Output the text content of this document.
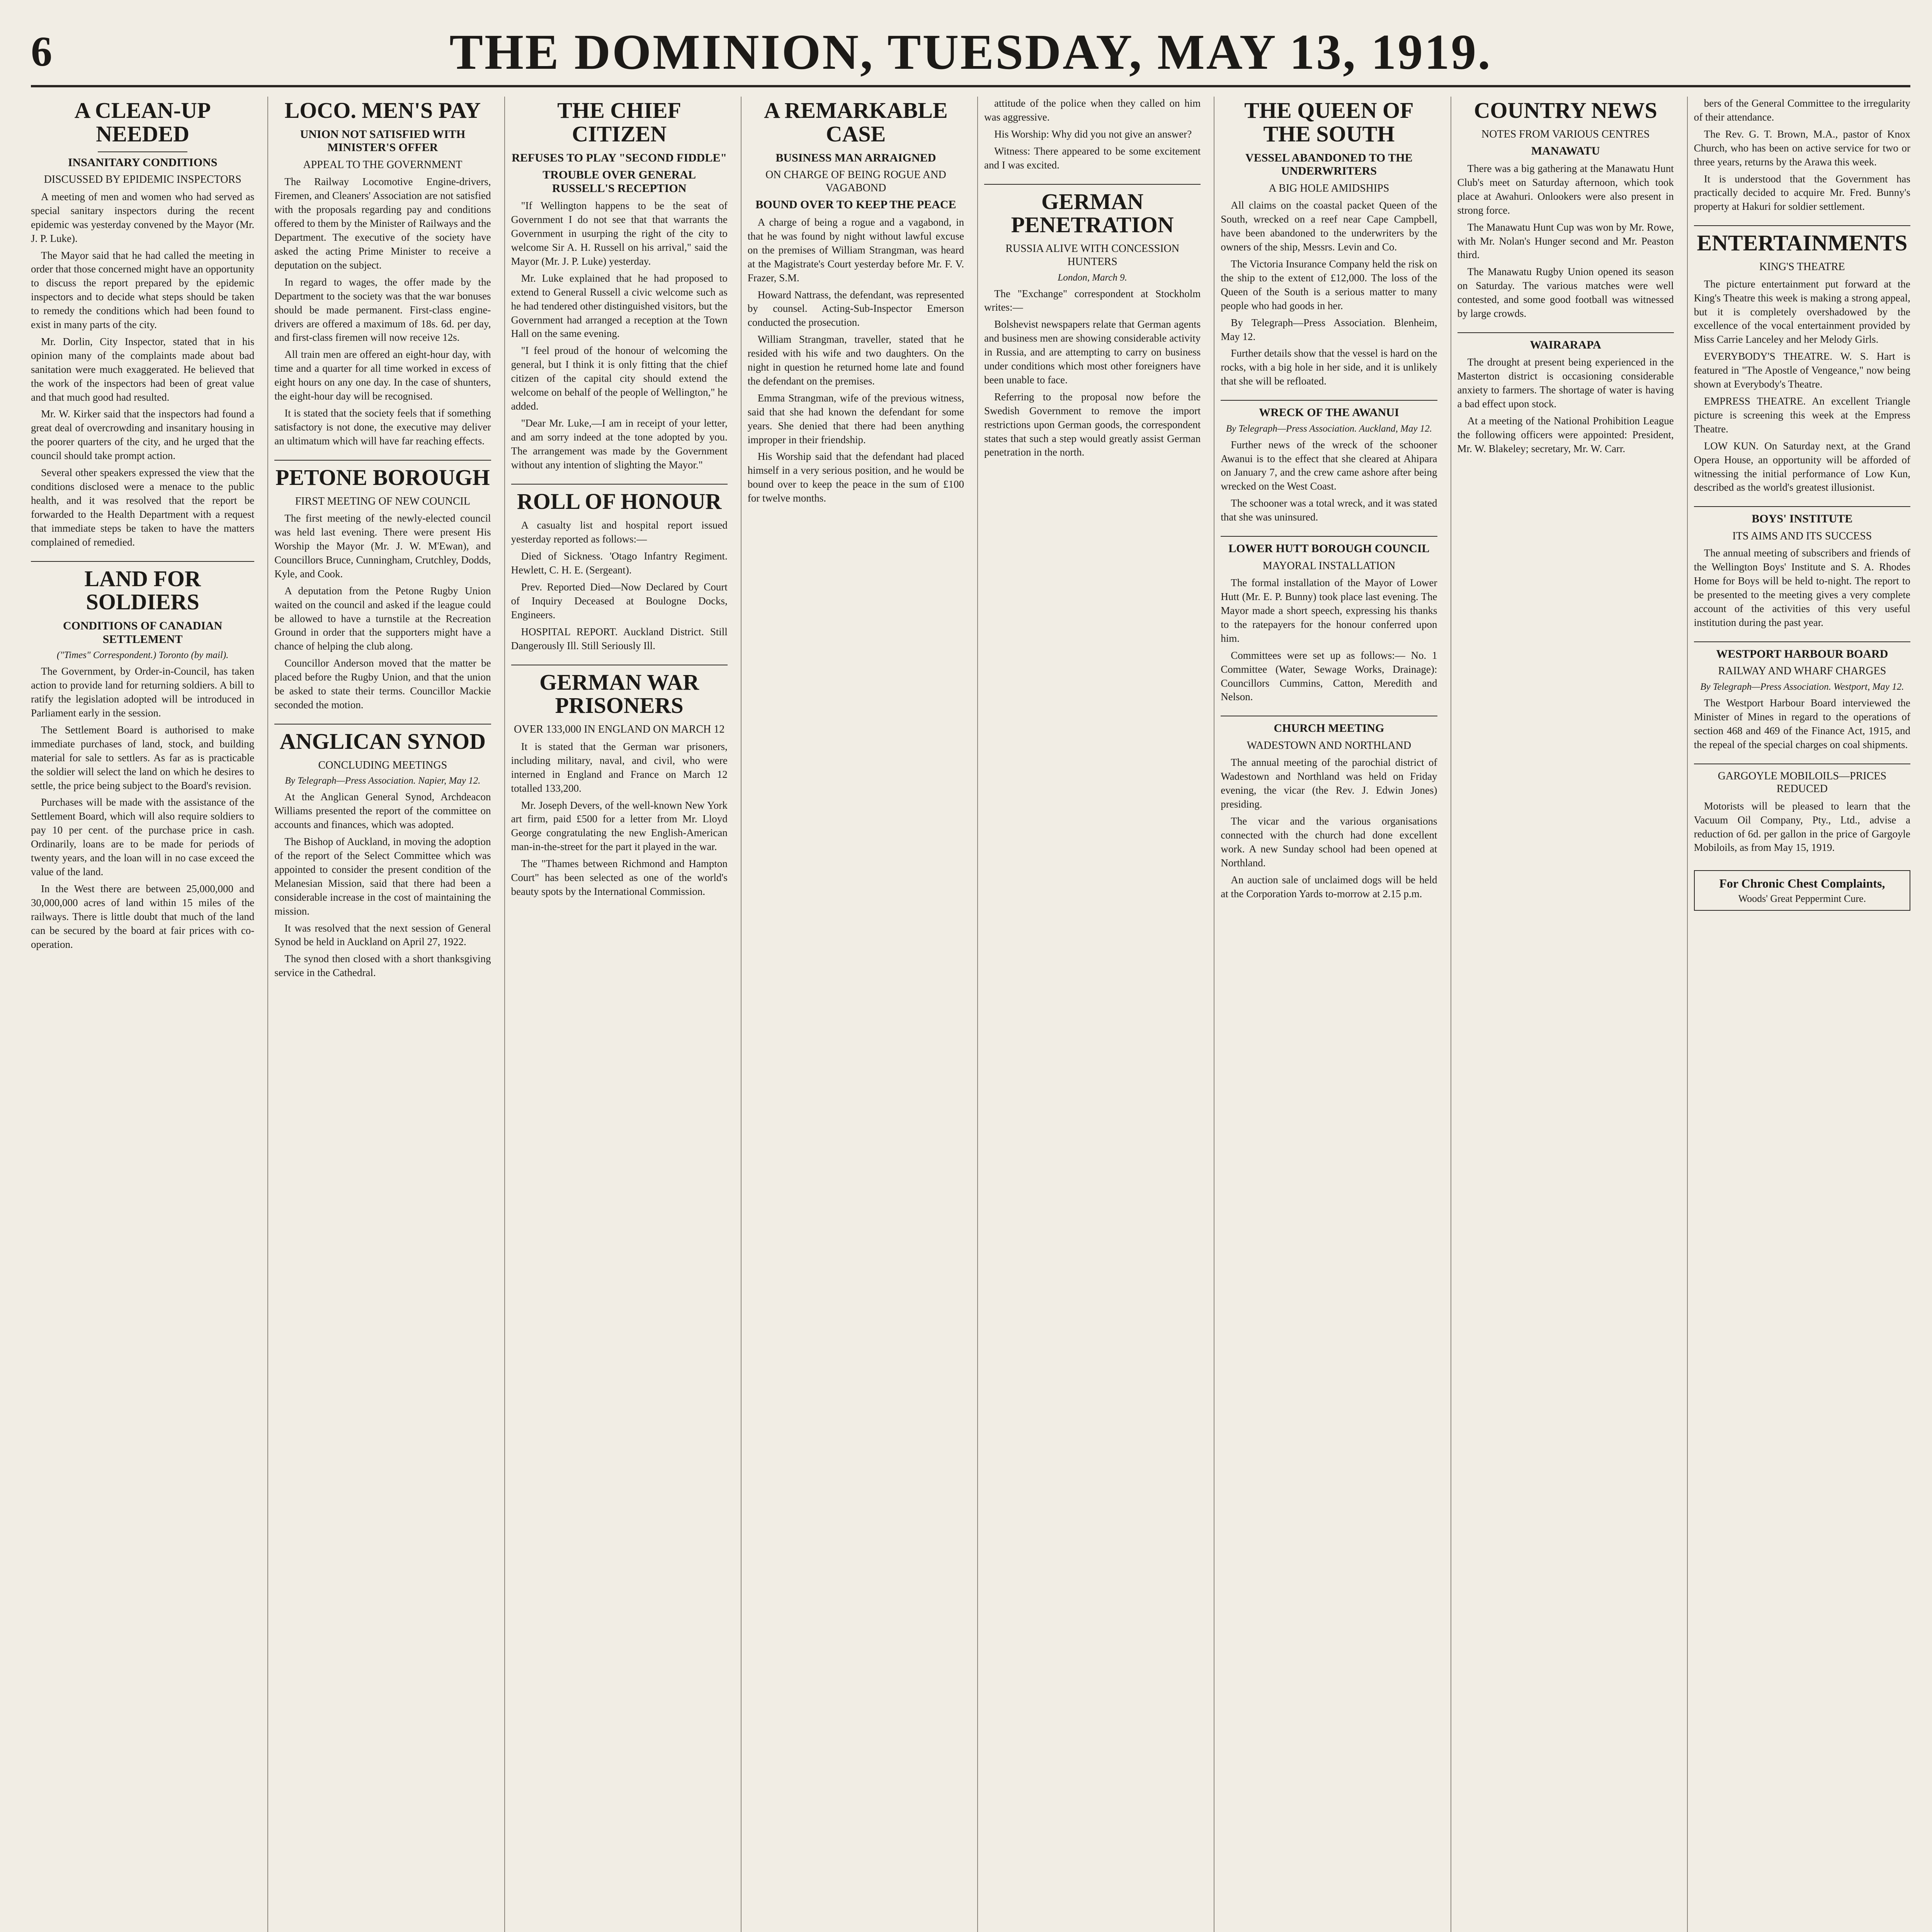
6	THE DOMINION, TUESDAY, MAY 13, 1919.
A CLEAN-UP NEEDED
INSANITARY CONDITIONS
DISCUSSED BY EPIDEMIC INSPECTORS

A meeting of men and women who had served as special sanitary inspectors during the recent epidemic was yesterday convened by the Mayor (Mr. J. P. Luke).

The Mayor said that he had called the meeting in order that those concerned might have an opportunity to discuss the report prepared by the epidemic inspectors and to decide what steps should be taken to remedy the conditions which had been found to exist in many parts of the city.

Mr. Dorlin, City Inspector, stated that in his opinion many of the complaints made about bad sanitation were much exaggerated. He believed that the work of the inspectors had been of great value and that much good had resulted.

Mr. W. Kirker said that the inspectors had found a great deal of overcrowding and insanitary housing in the poorer quarters of the city, and he urged that the council should take prompt action.

Several other speakers expressed the view that the conditions disclosed were a menace to the public health, and it was resolved that the report be forwarded to the Health Department with a request that immediate steps be taken to have the matters complained of remedied.

LAND FOR SOLDIERS
CONDITIONS OF CANADIAN SETTLEMENT
("Times" Correspondent.) Toronto (by mail).

The Government, by Order-in-Council, has taken action to provide land for returning soldiers. A bill to ratify the legislation adopted will be introduced in Parliament early in the session.

The Settlement Board is authorised to make immediate purchases of land, stock, and building material for sale to settlers. As far as is practicable the soldier will select the land on which he desires to settle, the price being subject to the Board's revision.

Purchases will be made with the assistance of the Settlement Board, which will also require soldiers to pay 10 per cent. of the purchase price in cash. Ordinarily, loans are to be made for periods of twenty years, and the loan will in no case exceed the value of the land.

In the West there are between 25,000,000 and 30,000,000 acres of land within 15 miles of the railways. There is little doubt that much of the land can be secured by the board at fair prices with co-operation.

LOCO. MEN'S PAY
UNION NOT SATISFIED WITH MINISTER'S OFFER
APPEAL TO THE GOVERNMENT

The Railway Locomotive Engine-drivers, Firemen, and Cleaners' Association are not satisfied with the proposals regarding pay and conditions offered to them by the Minister of Railways and the Department. The executive of the society have asked the acting Prime Minister to receive a deputation on the subject.

In regard to wages, the offer made by the Department to the society was that the war bonuses should be made permanent. First-class engine-drivers are offered a maximum of 18s. 6d. per day, and first-class firemen will now receive 12s.

All train men are offered an eight-hour day, with time and a quarter for all time worked in excess of eight hours on any one day. In the case of shunters, the eight-hour day will be recognised.

It is stated that the society feels that if something satisfactory is not done, the executive may deliver an ultimatum which will have far reaching effects.

PETONE BOROUGH
FIRST MEETING OF NEW COUNCIL

The first meeting of the newly-elected council was held last evening. There were present His Worship the Mayor (Mr. J. W. M'Ewan), and Councillors Bruce, Cunningham, Crutchley, Dodds, Kyle, and Cook.

A deputation from the Petone Rugby Union waited on the council and asked if the league could be allowed to have a turnstile at the Recreation Ground in order that the supporters might have a chance of helping the club along.

Councillor Anderson moved that the matter be placed before the Rugby Union, and that the union be asked to state their terms. Councillor Mackie seconded the motion.

ANGLICAN SYNOD
CONCLUDING MEETINGS
By Telegraph—Press Association. Napier, May 12.

At the Anglican General Synod, Archdeacon Williams presented the report of the committee on accounts and finances, which was adopted.

The Bishop of Auckland, in moving the adoption of the report of the Select Committee which was appointed to consider the present condition of the Melanesian Mission, said that there had been a considerable increase in the cost of maintaining the mission.

It was resolved that the next session of General Synod be held in Auckland on April 27, 1922.

The synod then closed with a short thanksgiving service in the Cathedral.

THE CHIEF CITIZEN
REFUSES TO PLAY "SECOND FIDDLE"
TROUBLE OVER GENERAL RUSSELL'S RECEPTION

"If Wellington happens to be the seat of Government I do not see that that warrants the Government in usurping the right of the city to welcome Sir A. H. Russell on his arrival," said the Mayor (Mr. J. P. Luke) yesterday.

Mr. Luke explained that he had proposed to extend to General Russell a civic welcome such as he had tendered other distinguished visitors, but the Government had arranged a reception at the Town Hall on the same evening.

"I feel proud of the honour of welcoming the general, but I think it is only fitting that the chief citizen of the capital city should extend the welcome on behalf of the people of Wellington," he added.

"Dear Mr. Luke,—I am in receipt of your letter, and am sorry indeed at the tone adopted by you. The arrangement was made by the Government without any intention of slighting the Mayor."

ROLL OF HONOUR

A casualty list and hospital report issued yesterday reported as follows:—

Died of Sickness. 'Otago Infantry Regiment. Hewlett, C. H. E. (Sergeant).

Prev. Reported Died—Now Declared by Court of Inquiry Deceased at Boulogne Docks, Engineers.

HOSPITAL REPORT. Auckland District. Still Dangerously Ill. Still Seriously Ill.

GERMAN WAR PRISONERS
OVER 133,000 IN ENGLAND ON MARCH 12

It is stated that the German war prisoners, including military, naval, and civil, who were interned in England and France on March 12 totalled 133,200.

Mr. Joseph Devers, of the well-known New York art firm, paid £500 for a letter from Mr. Lloyd George congratulating the new English-American man-in-the-street for the part it played in the war.

The "Thames between Richmond and Hampton Court" has been selected as one of the world's beauty spots by the International Commission.

A REMARKABLE CASE
BUSINESS MAN ARRAIGNED
ON CHARGE OF BEING ROGUE AND VAGABOND
BOUND OVER TO KEEP THE PEACE

A charge of being a rogue and a vagabond, in that he was found by night without lawful excuse on the premises of William Strangman, was heard at the Magistrate's Court yesterday before Mr. F. V. Frazer, S.M.

Howard Nattrass, the defendant, was represented by counsel. Acting-Sub-Inspector Emerson conducted the prosecution.

William Strangman, traveller, stated that he resided with his wife and two daughters. On the night in question he returned home late and found the defendant on the premises.

Emma Strangman, wife of the previous witness, said that she had known the defendant for some years. She denied that there had been anything improper in their friendship.

His Worship said that the defendant had placed himself in a very serious position, and he would be bound over to keep the peace in the sum of £100 for twelve months.

attitude of the police when they called on him was aggressive.

His Worship: Why did you not give an answer?

Witness: There appeared to be some excitement and I was excited.

GERMAN PENETRATION
RUSSIA ALIVE WITH CONCESSION HUNTERS
London, March 9.

The "Exchange" correspondent at Stockholm writes:—

Bolshevist newspapers relate that German agents and business men are showing considerable activity in Russia, and are attempting to carry on business under conditions which most other foreigners have been unable to face.

Referring to the proposal now before the Swedish Government to remove the import restrictions upon German goods, the correspondent states that such a step would greatly assist German penetration in the north.

THE QUEEN OF THE SOUTH
VESSEL ABANDONED TO THE UNDERWRITERS
A BIG HOLE AMIDSHIPS

All claims on the coastal packet Queen of the South, wrecked on a reef near Cape Campbell, have been abandoned to the underwriters by the owners of the ship, Messrs. Levin and Co.

The Victoria Insurance Company held the risk on the ship to the extent of £12,000. The loss of the Queen of the South is a serious matter to many people who had goods in her.

By Telegraph—Press Association. Blenheim, May 12.

Further details show that the vessel is hard on the rocks, with a big hole in her side, and it is unlikely that she will be refloated.

WRECK OF THE AWANUI
By Telegraph—Press Association. Auckland, May 12.

Further news of the wreck of the schooner Awanui is to the effect that she cleared at Ahipara on January 7, and the crew came ashore after being wrecked on the West Coast.

The schooner was a total wreck, and it was stated that she was uninsured.

LOWER HUTT BOROUGH COUNCIL
MAYORAL INSTALLATION

The formal installation of the Mayor of Lower Hutt (Mr. E. P. Bunny) took place last evening. The Mayor made a short speech, expressing his thanks to the ratepayers for the honour conferred upon him.

Committees were set up as follows:— No. 1 Committee (Water, Sewage Works, Drainage): Councillors Cummins, Catton, Meredith and Nelson.

CHURCH MEETING
WADESTOWN AND NORTHLAND

The annual meeting of the parochial district of Wadestown and Northland was held on Friday evening, the vicar (the Rev. J. Edwin Jones) presiding.

The vicar and the various organisations connected with the church had done excellent work. A new Sunday school had been opened at Northland.

An auction sale of unclaimed dogs will be held at the Corporation Yards to-morrow at 2.15 p.m.

COUNTRY NEWS
NOTES FROM VARIOUS CENTRES
MANAWATU

There was a big gathering at the Manawatu Hunt Club's meet on Saturday afternoon, which took place at Awahuri. Onlookers were also present in strong force.

The Manawatu Hunt Cup was won by Mr. Rowe, with Mr. Nolan's Hunger second and Mr. Peaston third.

The Manawatu Rugby Union opened its season on Saturday. The various matches were well contested, and some good football was witnessed by large crowds.

WAIRARAPA

The drought at present being experienced in the Masterton district is occasioning considerable anxiety to farmers. The shortage of water is having a bad effect upon stock.

At a meeting of the National Prohibition League the following officers were appointed: President, Mr. W. Blakeley; secretary, Mr. W. Carr.

bers of the General Committee to the irregularity of their attendance.

The Rev. G. T. Brown, M.A., pastor of Knox Church, who has been on active service for two or three years, returns by the Arawa this week.

It is understood that the Government has practically decided to acquire Mr. Fred. Bunny's property at Hakuri for soldier settlement.

ENTERTAINMENTS
KING'S THEATRE

The picture entertainment put forward at the King's Theatre this week is making a strong appeal, but it is completely overshadowed by the excellence of the vocal entertainment provided by Miss Carrie Lanceley and her Melody Girls.

EVERYBODY'S THEATRE. W. S. Hart is featured in "The Apostle of Vengeance," now being shown at Everybody's Theatre.

EMPRESS THEATRE. An excellent Triangle picture is screening this week at the Empress Theatre.

LOW KUN. On Saturday next, at the Grand Opera House, an opportunity will be afforded of witnessing the initial performance of Low Kun, described as the world's greatest illusionist.

BOYS' INSTITUTE
ITS AIMS AND ITS SUCCESS

The annual meeting of subscribers and friends of the Wellington Boys' Institute and S. A. Rhodes Home for Boys will be held to-night. The report to be presented to the meeting gives a very complete account of the activities of this very useful institution during the past year.

WESTPORT HARBOUR BOARD
RAILWAY AND WHARF CHARGES
By Telegraph—Press Association. Westport, May 12.

The Westport Harbour Board interviewed the Minister of Mines in regard to the operations of section 468 and 469 of the Finance Act, 1915, and the repeal of the special charges on coal shipments.

GARGOYLE MOBILOILS—PRICES REDUCED

Motorists will be pleased to learn that the Vacuum Oil Company, Pty., Ltd., advise a reduction of 6d. per gallon in the price of Gargoyle Mobiloils, as from May 15, 1919.

For Chronic Chest Complaints,
Woods' Great Peppermint Cure.
